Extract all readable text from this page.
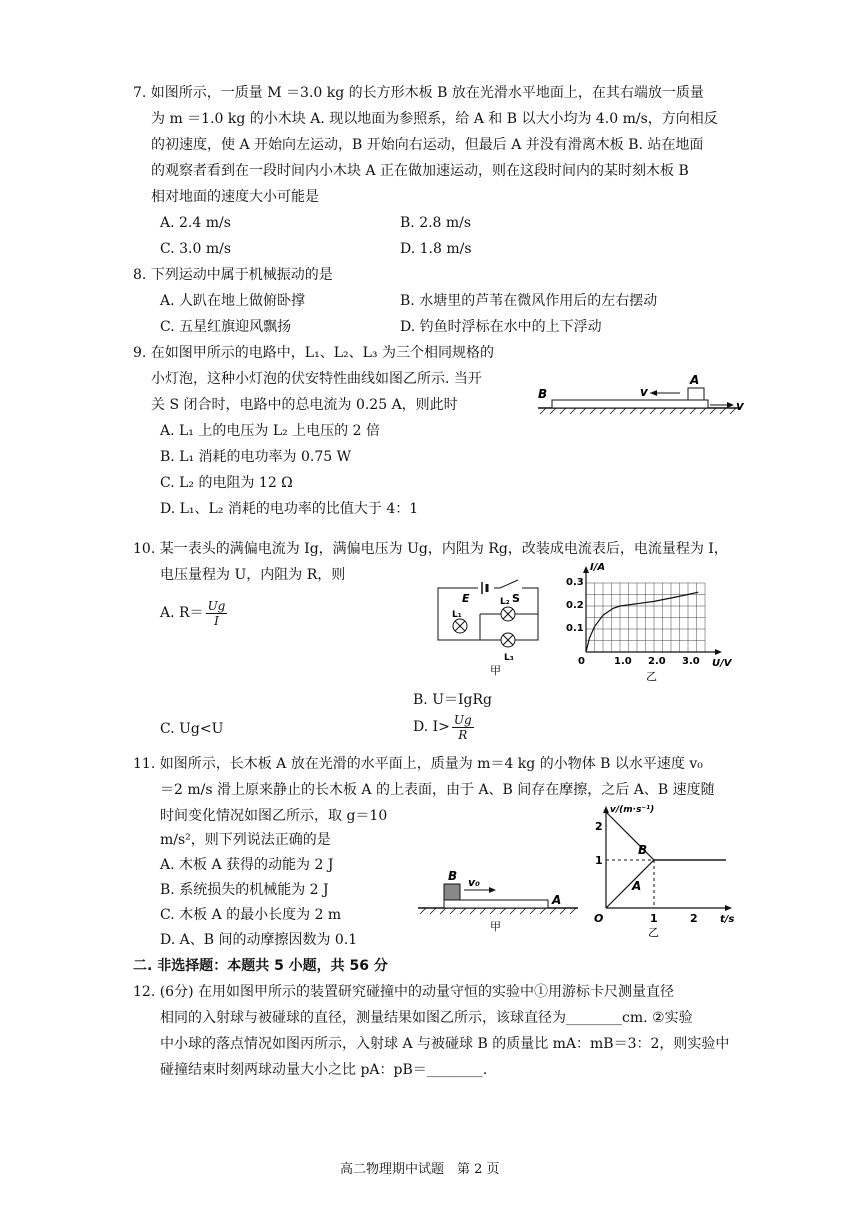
7. 如图所示，一质量 M ＝3.0 kg 的长方形木板 B 放在光滑水平地面上，在其右端放一质量
为 m ＝1.0 kg 的小木块 A. 现以地面为参照系，给 A 和 B 以大小均为 4.0 m/s，方向相反
的初速度，使 A 开始向左运动，B 开始向右运动，但最后 A 并没有滑离木板 B. 站在地面
的观察者看到在一段时间内小木块 A 正在做加速运动，则在这段时间内的某时刻木板 B
相对地面的速度大小可能是
A. 2.4 m/s	B. 2.8 m/s
C. 3.0 m/s	D. 1.8 m/s
8. 下列运动中属于机械振动的是
A. 人趴在地上做俯卧撑	B. 水塘里的芦苇在微风作用后的左右摆动
C. 五星红旗迎风飘扬	D. 钓鱼时浮标在水中的上下浮动
9. 在如图甲所示的电路中，L₁、L₂、L₃ 为三个相同规格的
小灯泡，这种小灯泡的伏安特性曲线如图乙所示. 当开
关 S 闭合时，电路中的总电流为 0.25 A，则此时
A. L₁ 上的电压为 L₂ 上电压的 2 倍
B. L₁ 消耗的电功率为 0.75 W
C. L₂ 的电阻为 12 Ω
D. L₁、L₂ 消耗的电功率的比值大于 4：1
v
A
B
v
10. 某一表头的满偏电流为 Ig，满偏电压为 Ug，内阻为 Rg，改装成电流表后，电流量程为 I，
电压量程为 U，内阻为 R，则
A. $R= \frac{Ug}{I}$
B. U＝IgRg
C. Ug<U	D. $I> \frac{Ug}{R}$
E	S
L₁
L₂
L₃
甲
I/A
U/V
0.3
0.2
0.1
0	1.0 2.0 3.0
乙
11. 如图所示，长木板 A 放在光滑的水平面上，质量为 m＝4 kg 的小物体 B 以水平速度 v₀
＝2 m/s 滑上原来静止的长木板 A 的上表面，由于 A、B 间存在摩擦，之后 A、B 速度随
时间变化情况如图乙所示，取 g＝10
m/s²，则下列说法正确的是
A. 木板 A 获得的动能为 2 J
B. 系统损失的机械能为 2 J
C. 木板 A 的最小长度为 2 m
D. A、B 间的动摩擦因数为 0.1
B v₀
A
甲
v/(m·s⁻¹)
t/s
2
1
1	2
O
B
A
乙
二. 非选择题：本题共 5 小题，共 56 分
12. (6分) 在用如图甲所示的装置研究碰撞中的动量守恒的实验中①用游标卡尺测量直径
相同的入射球与被碰球的直径，测量结果如图乙所示，该球直径为________cm. ②实验
中小球的落点情况如图丙所示，入射球 A 与被碰球 B 的质量比 mA：mB＝3：2，则实验中
碰撞结束时刻两球动量大小之比 pA：pB＝________.
高二物理期中试题　第 2 页
